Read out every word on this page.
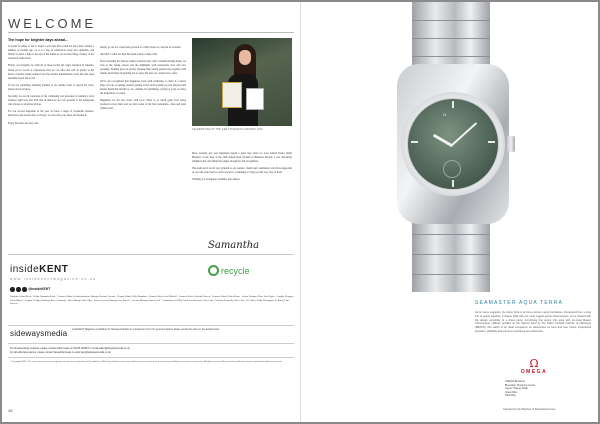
WELCOME
The hope for brighter days ahead...

It would be amiss of me to begin a welcome that would not have been written a number of months ago, as it is a day of celebration, hope and optimism, and finally we have a light at the end of the tunnel as we see the lifting of many of the lockdown restrictions.

Firstly, our thoughts are with all of those facing the tragic situation in Ukraine. There are no words or expressions that we can offer that will do justice to the horror currently being endured and the terrible humanitarian crisis that has been unleashed upon the world.

If you are organising anything planned as an outside event to spread the word, please do let us know.

Secondly, we are all conscious of the continuing cost pressures of running a local business right now and with that in mind we are ever grateful to the businesses who choose to advertise with us.

For our second magazine of the year we have a range of wonderful features, interviews and stories and, as always, we welcome your ideas and feedback.

Enjoy the issue and stay safe.

simply go out for a meal and get back to a time where we can just be sociable.

And that is what our Red Hot team is here to help with.

From attending the famous Ashford auction days with a mouthwatering menu, we look at the spring season and the highlights with restaurants, bars and new openings. Nothing gives us greater pleasure than seeing people back together with friends and family and getting out to enjoy the best our county has to offer.

We've also recognised that happiness starts with wellbeing, so there is a whole heap of focus on getting outside, getting active and focusing on your physical and mental health this month too. So, whether it's swimming, cycling or yoga, we have the inspiration you need.

Happiness for me also starts with food. There is so much great food being produced across Kent and we have some of the best restaurants, cafes and pubs within reach.

CELEBRATING AT THE KENT BUSINESS AWARDS 2022

More recently, my own happiness tipped a great step when we were named Kent's Small Business of the Year at the 16th annual Kent Women in Business Awards. I was absolutely delighted and can't thank the judges enough for this recognition.

The team and I are all very grateful to our readers, clients and contributors who have supported us over the years and we look forward to continuing to bring you the very best of Kent.

Wishing you all happier, healthier days ahead.

Samantha
insideKENT
www.insidekentmagazine.co.uk
recycle
@insideKENT
Publisher Adam Keale · Editor Samantha Keale · Features Editor & Administration Manager Rachael Guenier · Deputy Editor Polly Humphris · Features Writer Jess Mitchell · Features Writer Adelaide Bowen · Features Writer Olivia Keane · Senior Designer Dave Van Vegten · Graphic Designer Lucas Morris · Graphic Designer Kathryn Rose Cumming · Sales Manager Julie May · Senior Account Manager Jess Barrett · Account Manager Sam Jewell · Contributors ASOM, Colin Lincoln-Lowe, Dan Cook, Catherine Donnelly, Kate Chris, Jo Collins, Emily Warrington, Jo Burrell, Ian Stevens
sidewaysmedia insideKENT Magazine is published by Sideways Media Ltd, Lordswood, Kent. For general enquiries please contact the team on the details below.
For all advertising enquiries, please contact Adam Keale on 01233 226315 or email adam@sidewaysmedia.co.uk
For all editorial enquiries, please contact Samantha Keale or email sam@sidewaysmedia.co.uk
© Copyright 2022. The views expressed in the magazine are not necessarily those of the publisher. Whilst the publisher uses every effort to ensure accuracy, we cannot accept liability for any errors or omissions. All rights reserved. No part of this publication may be reproduced without permission.
10
Ω
SEAMASTER AQUA TERRA
As its name suggests, the Aqua Terra is at home across many boundaries. Developed from a long line of ocean watches, it shares DNA with our most rugged sports chronometers, yet is infused with the design sensibility of a dress piece. Combining this sporty chic style with Co-Axial Master Chronometer calibres certified at the highest level by the Swiss Federal Institute of Metrology (METAS), this watch is an ideal companion on adventures on land and sea, where exceptional precision, reliability and supreme resistance are paramount.
Ω
OMEGA
OMEGA Boutique
Bluewater Shopping Centre
Upper Thames Walk
Greenhithe
DA9 9SQ
Operated by the Watches of Switzerland Group
